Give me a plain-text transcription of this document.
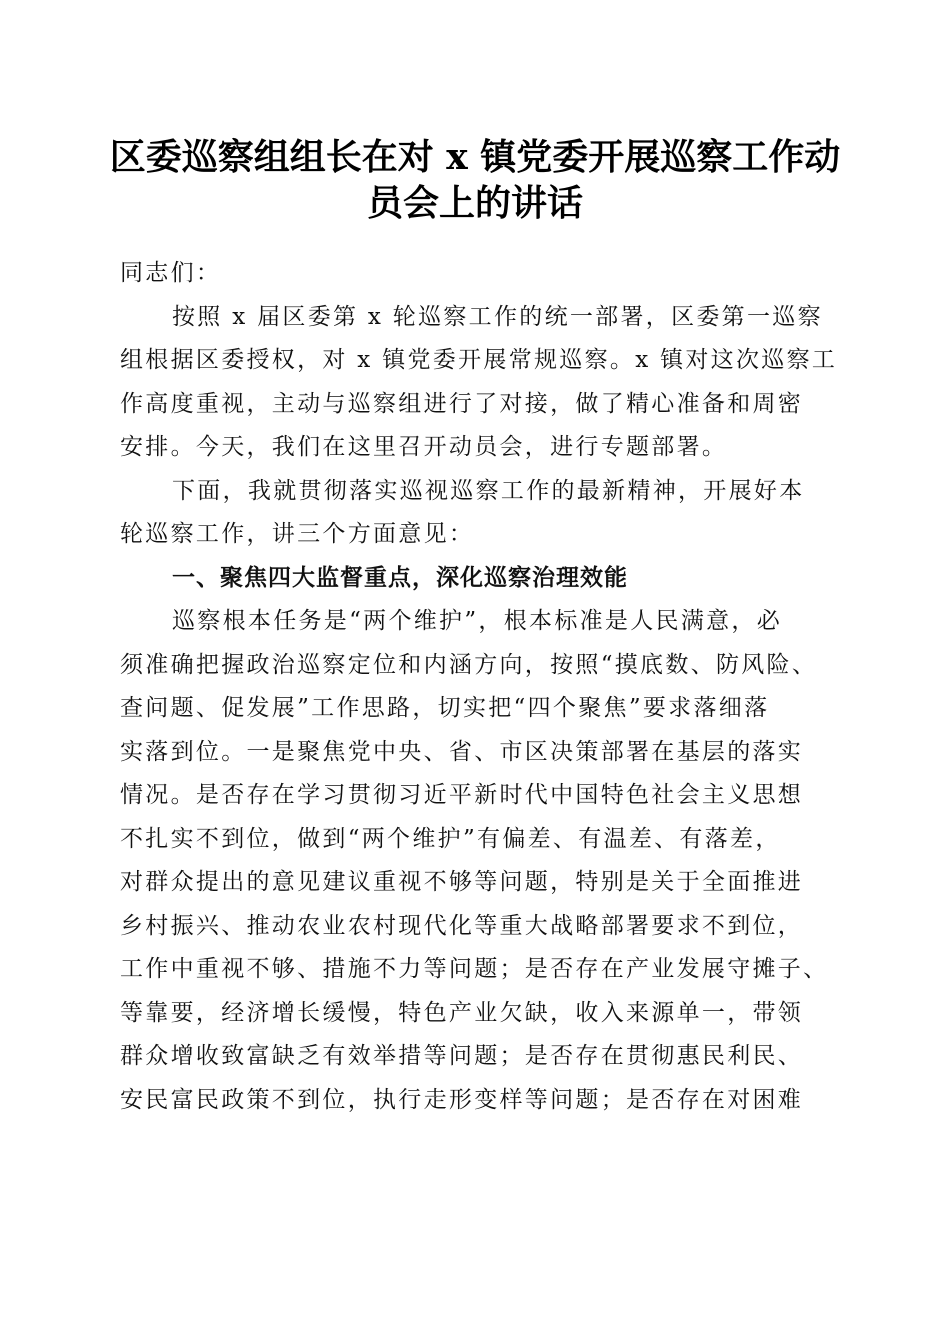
区委巡察组组长在对 x 镇党委开展巡察工作动
员会上的讲话
同志们：
按照 x 届区委第 x 轮巡察工作的统一部署，区委第一巡察
组根据区委授权，对 x 镇党委开展常规巡察。x 镇对这次巡察工
作高度重视，主动与巡察组进行了对接，做了精心准备和周密
安排。今天，我们在这里召开动员会，进行专题部署。
下面，我就贯彻落实巡视巡察工作的最新精神，开展好本
轮巡察工作，讲三个方面意见：
一、聚焦四大监督重点，深化巡察治理效能
巡察根本任务是“两个维护”，根本标准是人民满意，必
须准确把握政治巡察定位和内涵方向，按照“摸底数、防风险、
查问题、促发展”工作思路，切实把“四个聚焦”要求落细落
实落到位。一是聚焦党中央、省、市区决策部署在基层的落实
情况。是否存在学习贯彻习近平新时代中国特色社会主义思想
不扎实不到位，做到“两个维护”有偏差、有温差、有落差，
对群众提出的意见建议重视不够等问题，特别是关于全面推进
乡村振兴、推动农业农村现代化等重大战略部署要求不到位，
工作中重视不够、措施不力等问题；是否存在产业发展守摊子、
等靠要，经济增长缓慢，特色产业欠缺，收入来源单一，带领
群众增收致富缺乏有效举措等问题；是否存在贯彻惠民利民、
安民富民政策不到位，执行走形变样等问题；是否存在对困难
